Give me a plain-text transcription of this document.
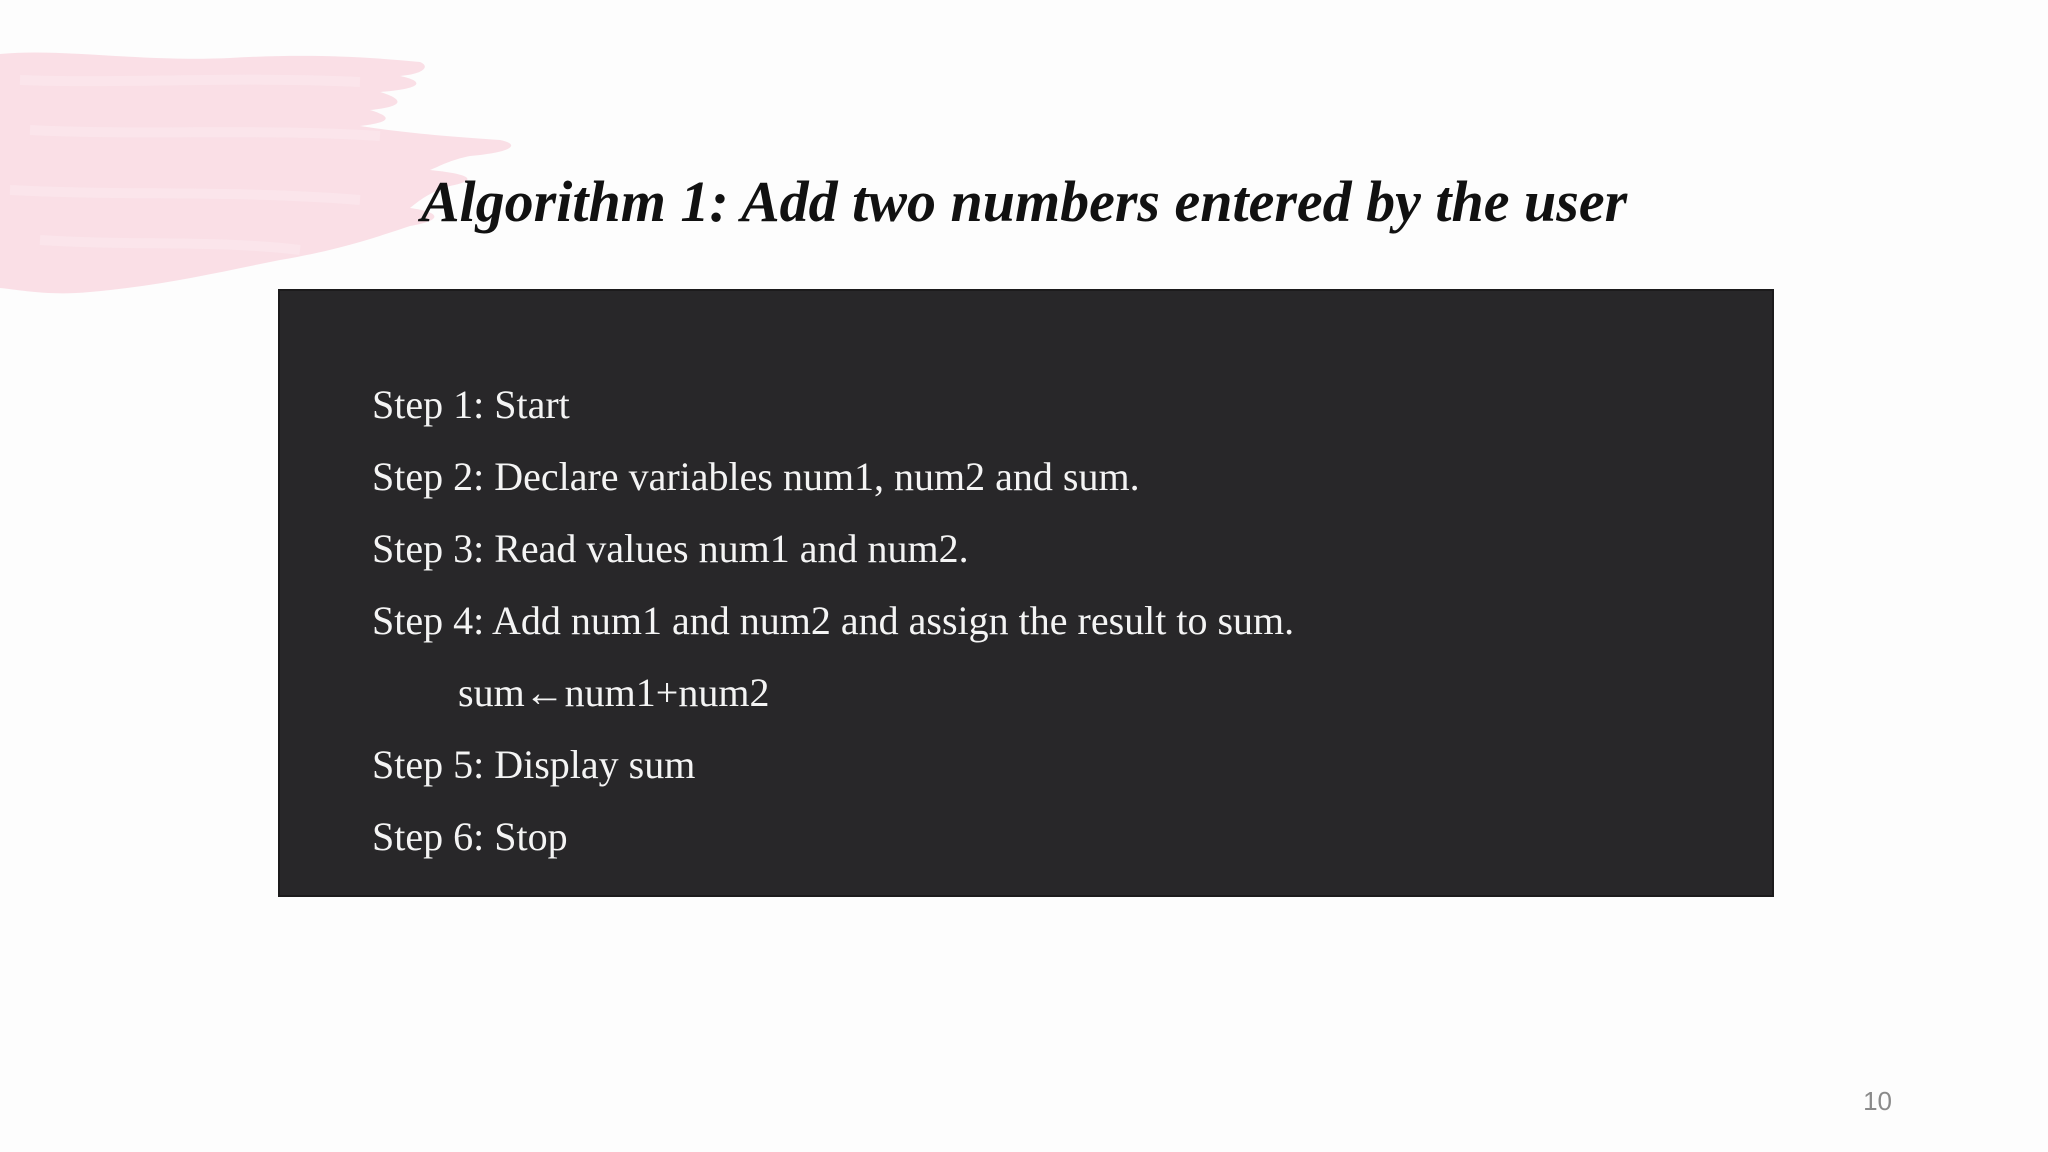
Algorithm 1: Add two numbers entered by the user
Step 1: Start
Step 2: Declare variables num1, num2 and sum.
Step 3: Read values num1 and num2.
Step 4: Add num1 and num2 and assign the result to sum.
sum←num1+num2
Step 5: Display sum
Step 6: Stop
10
